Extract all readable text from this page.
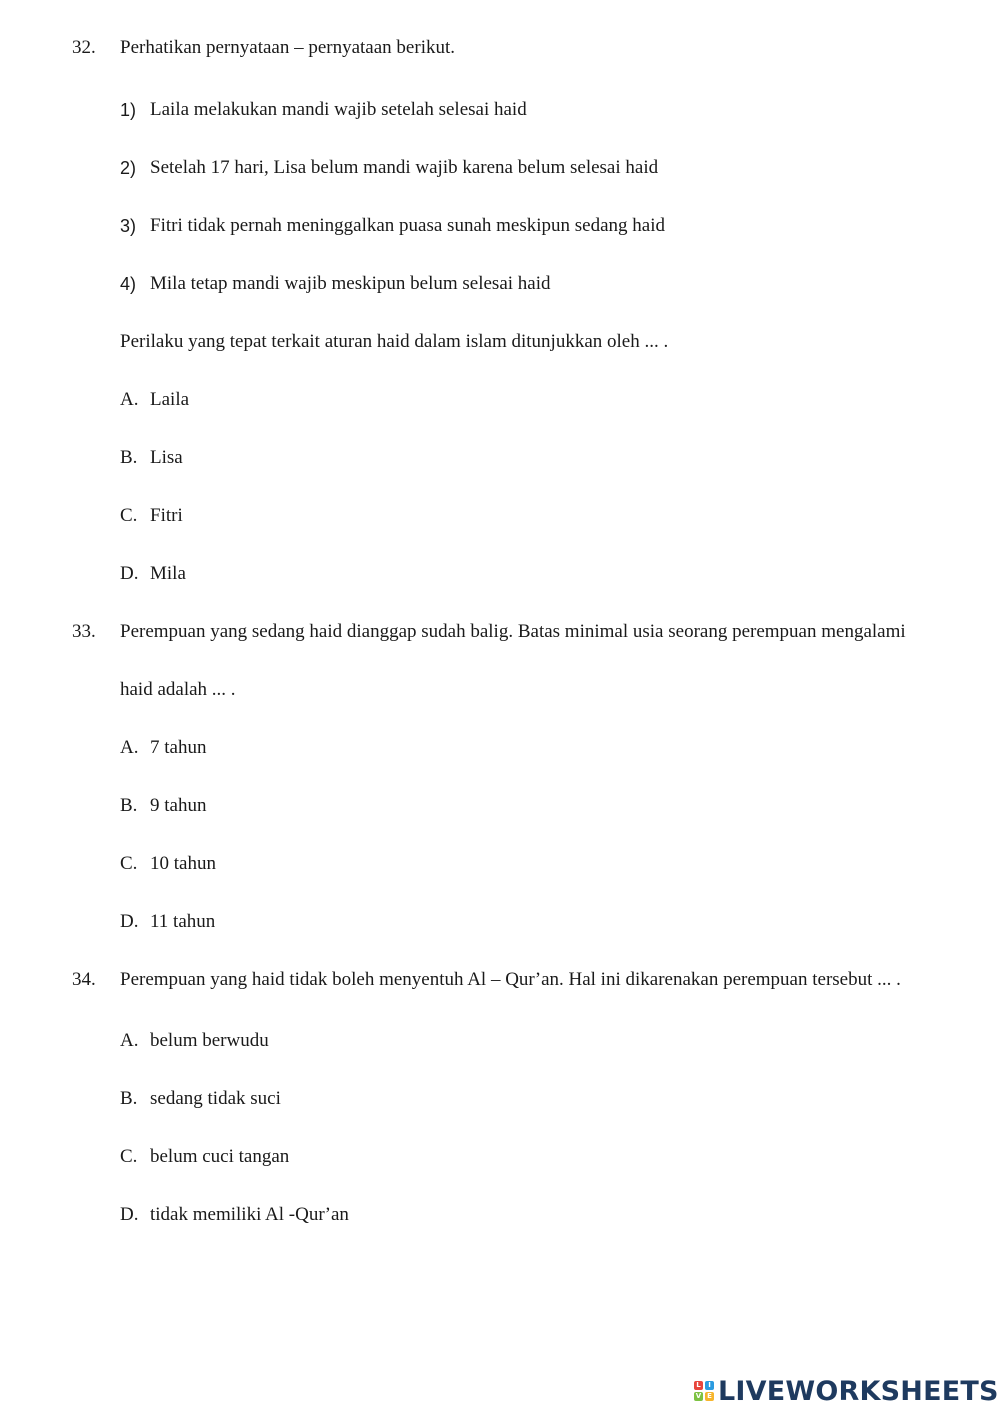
32. Perhatikan pernyataan – pernyataan berikut.
1) Laila melakukan mandi wajib setelah selesai haid
2) Setelah 17 hari, Lisa belum mandi wajib karena belum selesai haid
3) Fitri tidak pernah meninggalkan puasa sunah meskipun sedang haid
4) Mila tetap mandi wajib meskipun belum selesai haid
Perilaku yang tepat terkait aturan haid dalam islam ditunjukkan oleh ... .
A. Laila
B. Lisa
C. Fitri
D. Mila
33. Perempuan yang sedang haid dianggap sudah balig. Batas minimal usia seorang perempuan mengalami
haid adalah ... .
A. 7 tahun
B. 9 tahun
C. 10 tahun
D. 11 tahun
34. Perempuan yang haid tidak boleh menyentuh Al – Qurʼan. Hal ini dikarenakan perempuan tersebut ... .
A. belum berwudu
B. sedang tidak suci
C. belum cuci tangan
D. tidak memiliki Al -Qurʼan
L	I
V E LIVEWORKSHEETS
